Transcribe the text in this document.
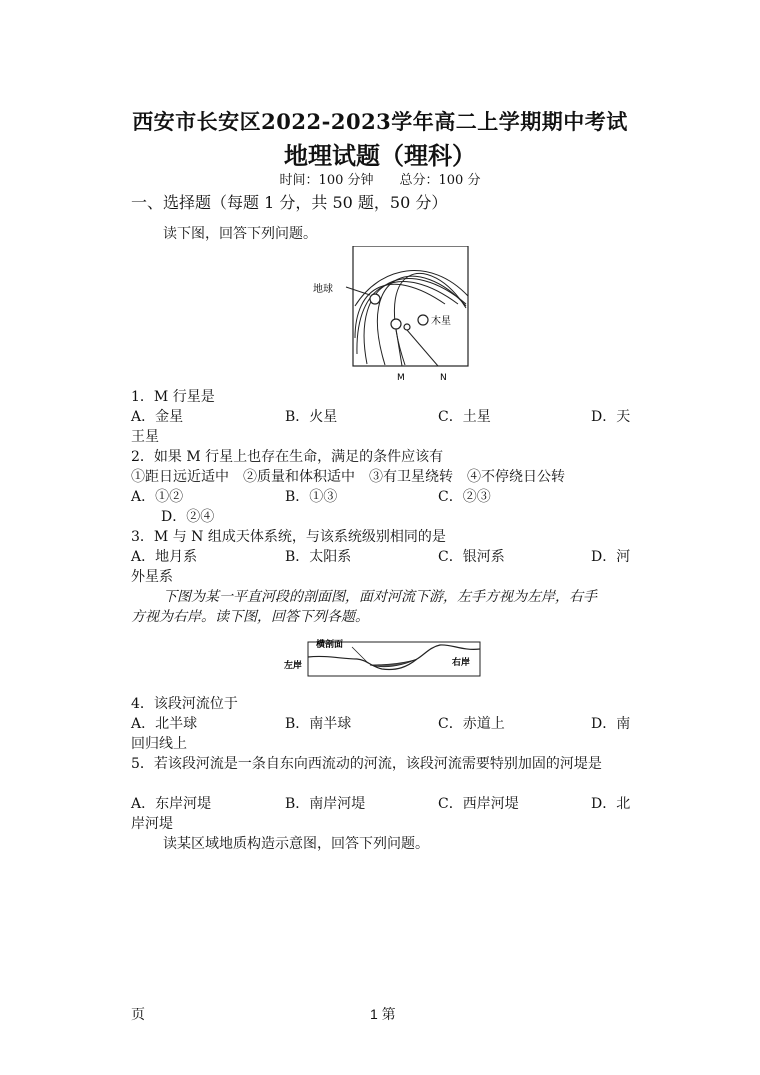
西安市长安区2022-2023学年高二上学期期中考试
地理试题（理科）
时间：100 分钟 总分：100 分
一、选择题（每题 1 分，共 50 题，50 分）
读下图，回答下列问题。
地球
木星
M	N
1．M 行星是
A．金星	B．火星	C．土星	D．天
王星
2．如果 M 行星上也存在生命，满足的条件应该有
①距日远近适中　②质量和体积适中　③有卫星绕转　④不停绕日公转
A．①②	B．①③	C．②③
D．②④
3．M 与 N 组成天体系统，与该系统级别相同的是
A．地月系	B．太阳系	C．银河系	D．河
外星系
下图为某一平直河段的剖面图，面对河流下游，左手方视为左岸，右手
方视为右岸。读下图，回答下列各题。
横剖面
左岸	右岸
4．该段河流位于
A．北半球	B．南半球	C．赤道上	D．南
回归线上
5．若该段河流是一条自东向西流动的河流，该段河流需要特别加固的河堤是
A．东岸河堤	B．南岸河堤	C．西岸河堤	D．北
岸河堤
读某区域地质构造示意图，回答下列问题。
页	1 第
